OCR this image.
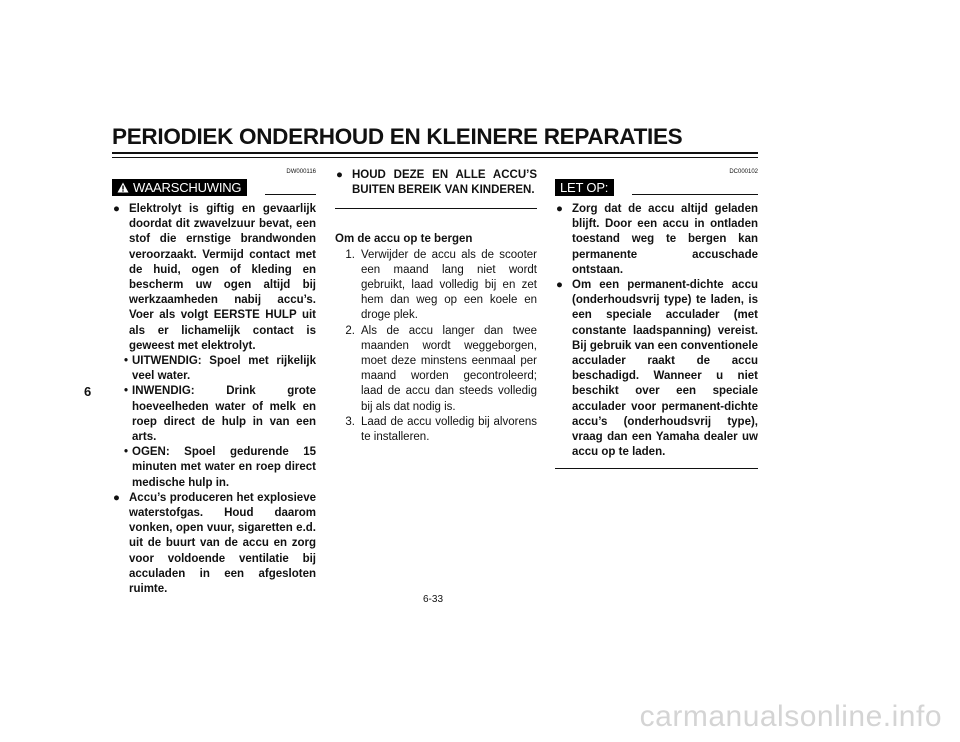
PERIODIEK ONDERHOUD EN KLEINERE REPARATIES
6
DW000116
WAARSCHUWING
● Elektrolyt is giftig en gevaarlijk doordat dit zwavelzuur bevat, een stof die ernstige brandwonden veroorzaakt. Vermijd contact met de huid, ogen of kleding en bescherm uw ogen altijd bij werkzaamheden nabij accu’s. Voer als volgt EERSTE HULP uit als er lichamelijk contact is geweest met elektrolyt.
• UITWENDIG: Spoel met rijkelijk veel water.
• INWENDIG: Drink grote hoeveelheden water of melk en roep direct de hulp in van een arts.
• OGEN: Spoel gedurende 15 minuten met water en roep direct medische hulp in.
● Accu’s produceren het explosieve waterstofgas. Houd daarom vonken, open vuur, sigaretten e.d. uit de buurt van de accu en zorg voor voldoende ventilatie bij acculaden in een afgesloten ruimte.
● HOUD DEZE EN ALLE ACCU’S BUITEN BEREIK VAN KINDEREN.
Om de accu op te bergen
1. Verwijder de accu als de scooter een maand lang niet wordt gebruikt, laad volledig bij en zet hem dan weg op een koele en droge plek.
2. Als de accu langer dan twee maanden wordt weggeborgen, moet deze minstens eenmaal per maand worden gecontroleerd; laad de accu dan steeds volledig bij als dat nodig is.
3. Laad de accu volledig bij alvorens te installeren.
DC000102
LET OP:
● Zorg dat de accu altijd geladen blijft. Door een accu in ontladen toestand weg te bergen kan permanente accuschade ontstaan.
● Om een permanent-dichte accu (onderhoudsvrij type) te laden, is een speciale acculader (met constante laadspanning) vereist. Bij gebruik van een conventionele acculader raakt de accu beschadigd. Wanneer u niet beschikt over een speciale acculader voor permanent-dichte accu’s (onderhoudsvrij type), vraag dan een Yamaha dealer uw accu op te laden.
6-33
carmanualsonline.info
